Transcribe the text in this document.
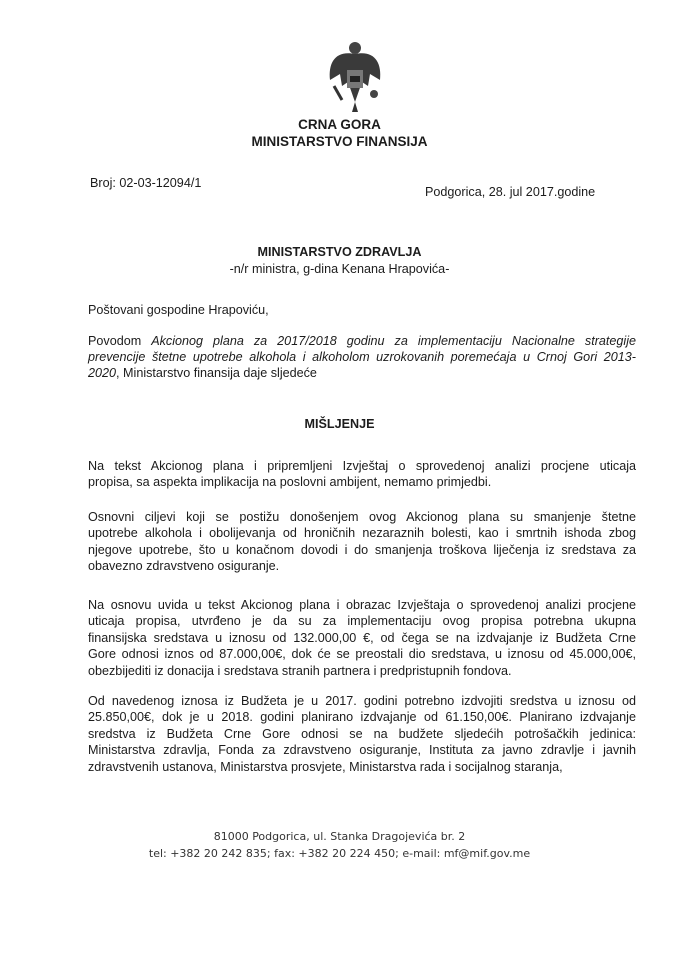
CRNA GORA
MINISTARSTVO FINANSIJA
Broj: 02-03-12094/1
Podgorica, 28. jul 2017.godine
MINISTARSTVO ZDRAVLJA
-n/r ministra, g-dina Kenana Hrapovića-
Poštovani gospodine Hrapoviću,
Povodom Akcionog plana za 2017/2018 godinu za implementaciju Nacionalne strategije
prevencije štetne upotrebe alkohola i alkoholom uzrokovanih poremećaja u Crnoj Gori 2013-
2020, Ministarstvo finansija daje sljedeće
MIŠLJENJE
Na tekst Akcionog plana i pripremljeni Izvještaj o sprovedenoj analizi procjene uticaja
propisa, sa aspekta implikacija na poslovni ambijent, nemamo primjedbi.
Osnovni ciljevi koji se postižu donošenjem ovog Akcionog plana su smanjenje štetne
upotrebe alkohola i obolijevanja od hroničnih nezaraznih bolesti, kao i smrtnih ishoda zbog
njegove upotrebe, što u konačnom dovodi i do smanjenja troškova liječenja iz sredstava za
obavezno zdravstveno osiguranje.
Na osnovu uvida u tekst Akcionog plana i obrazac Izvještaja o sprovedenoj analizi procjene
uticaja propisa, utvrđeno je da su za implementaciju ovog propisa potrebna ukupna
finansijska sredstava u iznosu od 132.000,00 €, od čega se na izdvajanje iz Budžeta Crne
Gore odnosi iznos od 87.000,00€, dok će se preostali dio sredstava, u iznosu od 45.000,00€,
obezbijediti iz donacija i sredstava stranih partnera i predpristupnih fondova.
Od navedenog iznosa iz Budžeta je u 2017. godini potrebno izdvojiti sredstva u iznosu od
25.850,00€, dok je u 2018. godini planirano izdvajanje od 61.150,00€. Planirano izdvajanje
sredstva iz Budžeta Crne Gore odnosi se na budžete sljedećih potrošačkih jedinica:
Ministarstva zdravlja, Fonda za zdravstveno osiguranje, Instituta za javno zdravlje i javnih
zdravstvenih ustanova, Ministarstva prosvjete, Ministarstva rada i socijalnog staranja,
81000 Podgorica, ul. Stanka Dragojevića br. 2
tel: +382 20 242 835; fax: +382 20 224 450; e-mail: mf@mif.gov.me
